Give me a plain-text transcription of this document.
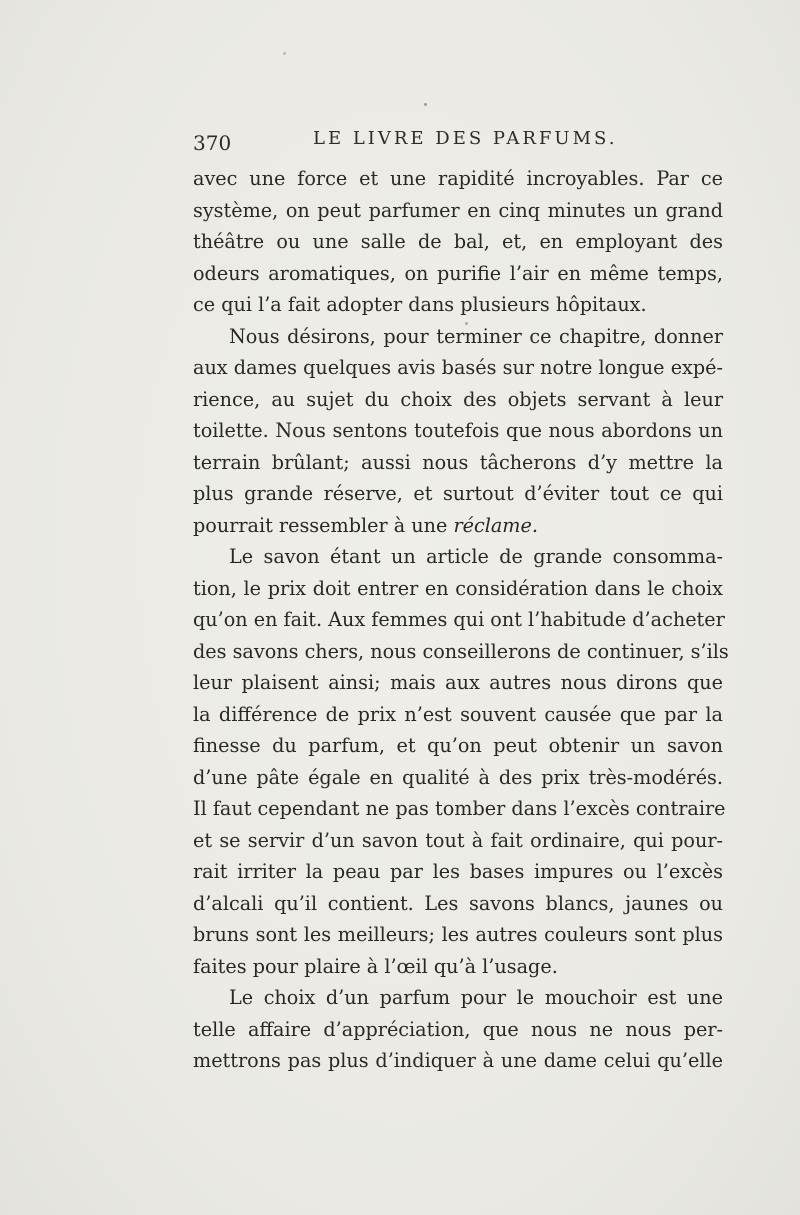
370	LE LIVRE DES PARFUMS.
avec une force et une rapidité incroyables. Par ce
système, on peut parfumer en cinq minutes un grand
théâtre ou une salle de bal, et, en employant des
odeurs aromatiques, on purifie l’air en même temps,
ce qui l’a fait adopter dans plusieurs hôpitaux.
Nous désirons, pour terminer ce chapitre, donner
aux dames quelques avis basés sur notre longue expé-
rience, au sujet du choix des objets servant à leur
toilette. Nous sentons toutefois que nous abordons un
terrain brûlant; aussi nous tâcherons d’y mettre la
plus grande réserve, et surtout d’éviter tout ce qui
pourrait ressembler à une réclame.
Le savon étant un article de grande consomma-
tion, le prix doit entrer en considération dans le choix
qu’on en fait. Aux femmes qui ont l’habitude d’acheter
des savons chers, nous conseillerons de continuer, s’ils
leur plaisent ainsi; mais aux autres nous dirons que
la différence de prix n’est souvent causée que par la
finesse du parfum, et qu’on peut obtenir un savon
d’une pâte égale en qualité à des prix très-modérés.
Il faut cependant ne pas tomber dans l’excès contraire
et se servir d’un savon tout à fait ordinaire, qui pour-
rait irriter la peau par les bases impures ou l’excès
d’alcali qu’il contient. Les savons blancs, jaunes ou
bruns sont les meilleurs; les autres couleurs sont plus
faites pour plaire à l’œil qu’à l’usage.
Le choix d’un parfum pour le mouchoir est une
telle affaire d’appréciation, que nous ne nous per-
mettrons pas plus d’indiquer à une dame celui qu’elle
